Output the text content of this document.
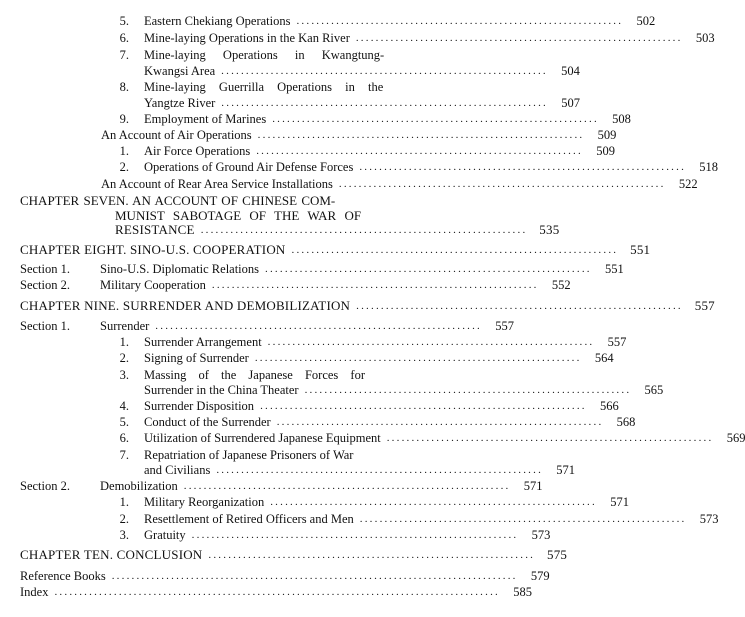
5. Eastern Chekiang Operations ..................................................................	502
6. Mine-laying Operations in the Kan River ..................................................................	503
7. Mine-laying Operations in Kwangtung-
Kwangsi Area ..................................................................	504
8. Mine-laying Guerrilla Operations in the
Yangtze River ..................................................................	507
9. Employment of Marines ..................................................................	508
An Account of Air Operations ..................................................................	509
1. Air Force Operations ..................................................................	509
2. Operations of Ground Air Defense Forces ..................................................................	518
An Account of Rear Area Service Installations ..................................................................	522
CHAPTER SEVEN. AN ACCOUNT OF CHINESE COM-
MUNIST SABOTAGE OF THE WAR OF
RESISTANCE .................................................................. 535
CHAPTER EIGHT. SINO-U.S. COOPERATION .................................................................. 551
Section 1.	Sino-U.S. Diplomatic Relations ..................................................................	551
Section 2.	Military Cooperation ..................................................................	552
CHAPTER NINE. SURRENDER AND DEMOBILIZATION .................................................................. 557
Section 1.	Surrender ..................................................................	557
1. Surrender Arrangement ..................................................................	557
2. Signing of Surrender ..................................................................	564
3. Massing of the Japanese Forces for
Surrender in the China Theater ..................................................................	565
4. Surrender Disposition ..................................................................	566
5. Conduct of the Surrender ..................................................................	568
6. Utilization of Surrendered Japanese Equipment ..................................................................	569
7. Repatriation of Japanese Prisoners of War
and Civilians ..................................................................	571
Section 2.	Demobilization ..................................................................	571
1. Military Reorganization ..................................................................	571
2. Resettlement of Retired Officers and Men ..................................................................	573
3. Gratuity ..................................................................	573
CHAPTER TEN. CONCLUSION .................................................................. 575
Reference Books ..................................................................................	579
Index ..........................................................................................	585
